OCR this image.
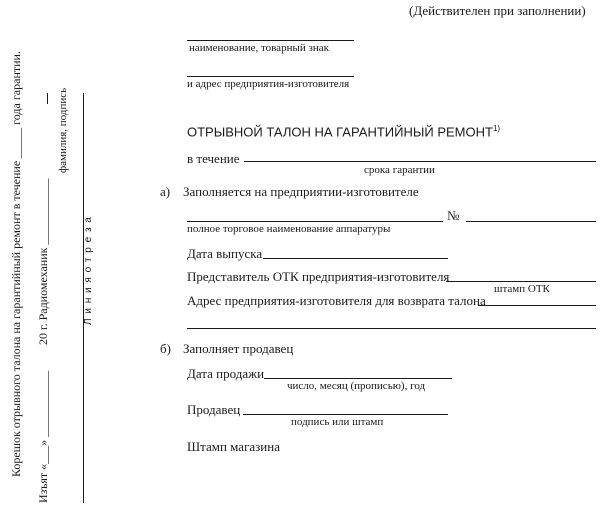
(Действителен при заполнении)
наименование, товарный знак
и адрес предприятия-изготовителя
ОТРЫВНОЙ ТАЛОН НА ГАРАНТИЙНЫЙ РЕМОНТ$^{1)}$
в течение
срока гарантии
а) Заполняется на предприятии-изготовителе
№
полное торговое наименование аппаратуры
Дата выпуска
Представитель ОТК предприятия-изготовителя
штамп ОТК
Адрес предприятия-изготовителя для возврата талона
б) Заполняет продавец
Дата продажи
число, месяц (прописью), год
Продавец
подпись или штамп
Штамп магазина
Корешок отрывного талона на гарантийный ремонт в течение _____ года гарантии. Изъят «___» ___________
20 г. Радиомеханик ___________
фамилия, подпись
Л и н и я о т р е з а
